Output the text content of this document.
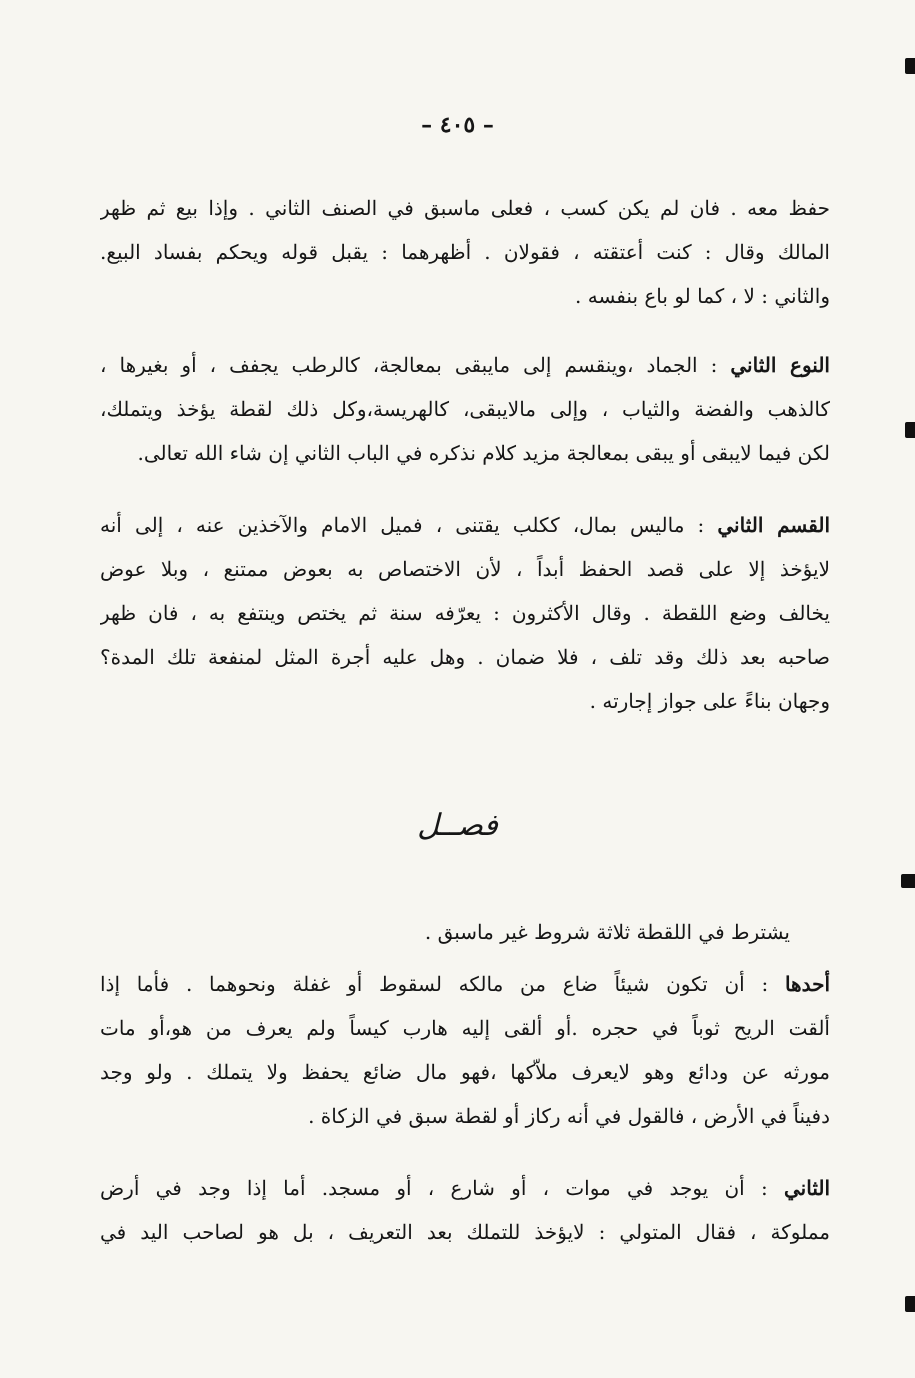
– ٤٠٥ –
حفظ معه . فان لم يكن كسب ، فعلى ماسبق في الصنف الثاني . وإذا بيع ثم ظهر
المالك وقال : كنت أعتقته ، فقولان . أظهرهما : يقبل قوله ويحكم بفساد البيع.
والثاني : لا ، كما لو باع بنفسه .
النوع الثاني : الجماد ،وينقسم إلى مايبقى بمعالجة، كالرطب يجفف ، أو بغيرها ،
كالذهب والفضة والثياب ، وإلى مالايبقى، كالهريسة،وكل ذلك لقطة يؤخذ ويتملك،
لكن فيما لايبقى أو يبقى بمعالجة مزيد كلام نذكره في الباب الثاني إن شاء الله تعالى.
القسم الثاني : ماليس بمال، ككلب يقتنى ، فميل الامام والآخذين عنه ، إلى أنه
لايؤخذ إلا على قصد الحفظ أبداً ، لأن الاختصاص به بعوض ممتنع ، وبلا عوض
يخالف وضع اللقطة . وقال الأكثرون : يعرّفه سنة ثم يختص وينتفع به ، فان ظهر
صاحبه بعد ذلك وقد تلف ، فلا ضمان . وهل عليه أجرة المثل لمنفعة تلك المدة؟
وجهان بناءً على جواز إجارته .
فصــل
يشترط في اللقطة ثلاثة شروط غير ماسبق .
أحدها : أن تكون شيئاً ضاع من مالكه لسقوط أو غفلة ونحوهما . فأما إذا
ألقت الريح ثوباً في حجره .أو ألقى إليه هارب كيساً ولم يعرف من هو،أو مات
مورثه عن ودائع وهو لايعرف ملاّكها ،فهو مال ضائع يحفظ ولا يتملك . ولو وجد
دفيناً في الأرض ، فالقول في أنه ركاز أو لقطة سبق في الزكاة .
الثاني : أن يوجد في موات ، أو شارع ، أو مسجد. أما إذا وجد في أرض
مملوكة ، فقال المتولي : لايؤخذ للتملك بعد التعريف ، بل هو لصاحب اليد في
